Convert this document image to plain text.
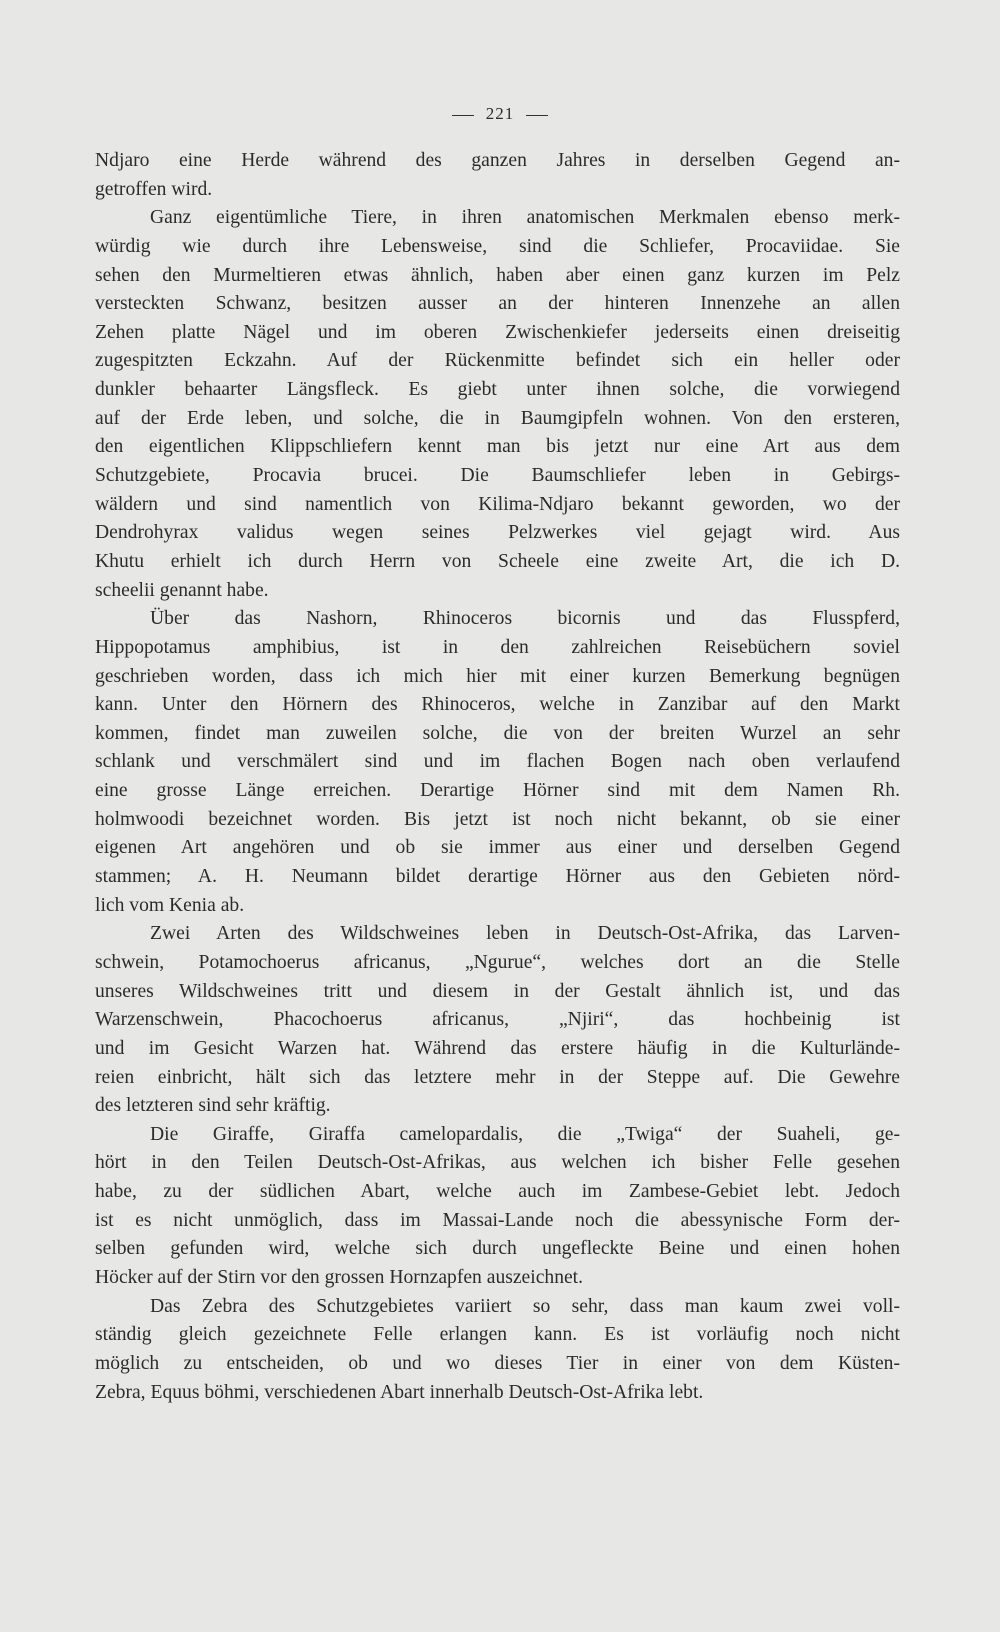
221
Ndjaro eine Herde während des ganzen Jahres in derselben Gegend an-
getroffen wird.
Ganz eigentümliche Tiere, in ihren anatomischen Merkmalen ebenso merk-
würdig wie durch ihre Lebensweise, sind die Schliefer, Procaviidae. Sie
sehen den Murmeltieren etwas ähnlich, haben aber einen ganz kurzen im Pelz
versteckten Schwanz, besitzen ausser an der hinteren Innenzehe an allen
Zehen platte Nägel und im oberen Zwischenkiefer jederseits einen dreiseitig
zugespitzten Eckzahn. Auf der Rückenmitte befindet sich ein heller oder
dunkler behaarter Längsfleck. Es giebt unter ihnen solche, die vorwiegend
auf der Erde leben, und solche, die in Baumgipfeln wohnen. Von den ersteren,
den eigentlichen Klippschliefern kennt man bis jetzt nur eine Art aus dem
Schutzgebiete, Procavia brucei. Die Baumschliefer leben in Gebirgs-
wäldern und sind namentlich von Kilima-Ndjaro bekannt geworden, wo der
Dendrohyrax validus wegen seines Pelzwerkes viel gejagt wird. Aus
Khutu erhielt ich durch Herrn von Scheele eine zweite Art, die ich D.
scheelii genannt habe.
Über das Nashorn, Rhinoceros bicornis und das Flusspferd,
Hippopotamus amphibius, ist in den zahlreichen Reisebüchern soviel
geschrieben worden, dass ich mich hier mit einer kurzen Bemerkung begnügen
kann. Unter den Hörnern des Rhinoceros, welche in Zanzibar auf den Markt
kommen, findet man zuweilen solche, die von der breiten Wurzel an sehr
schlank und verschmälert sind und im flachen Bogen nach oben verlaufend
eine grosse Länge erreichen. Derartige Hörner sind mit dem Namen Rh.
holmwoodi bezeichnet worden. Bis jetzt ist noch nicht bekannt, ob sie einer
eigenen Art angehören und ob sie immer aus einer und derselben Gegend
stammen; A. H. Neumann bildet derartige Hörner aus den Gebieten nörd-
lich vom Kenia ab.
Zwei Arten des Wildschweines leben in Deutsch-Ost-Afrika, das Larven-
schwein, Potamochoerus africanus, „Ngurue“, welches dort an die Stelle
unseres Wildschweines tritt und diesem in der Gestalt ähnlich ist, und das
Warzenschwein, Phacochoerus africanus, „Njiri“, das hochbeinig ist
und im Gesicht Warzen hat. Während das erstere häufig in die Kulturlände-
reien einbricht, hält sich das letztere mehr in der Steppe auf. Die Gewehre
des letzteren sind sehr kräftig.
Die Giraffe, Giraffa camelopardalis, die „Twiga“ der Suaheli, ge-
hört in den Teilen Deutsch-Ost-Afrikas, aus welchen ich bisher Felle gesehen
habe, zu der südlichen Abart, welche auch im Zambese-Gebiet lebt. Jedoch
ist es nicht unmöglich, dass im Massai-Lande noch die abessynische Form der-
selben gefunden wird, welche sich durch ungefleckte Beine und einen hohen
Höcker auf der Stirn vor den grossen Hornzapfen auszeichnet.
Das Zebra des Schutzgebietes variiert so sehr, dass man kaum zwei voll-
ständig gleich gezeichnete Felle erlangen kann. Es ist vorläufig noch nicht
möglich zu entscheiden, ob und wo dieses Tier in einer von dem Küsten-
Zebra, Equus böhmi, verschiedenen Abart innerhalb Deutsch-Ost-Afrika lebt.
